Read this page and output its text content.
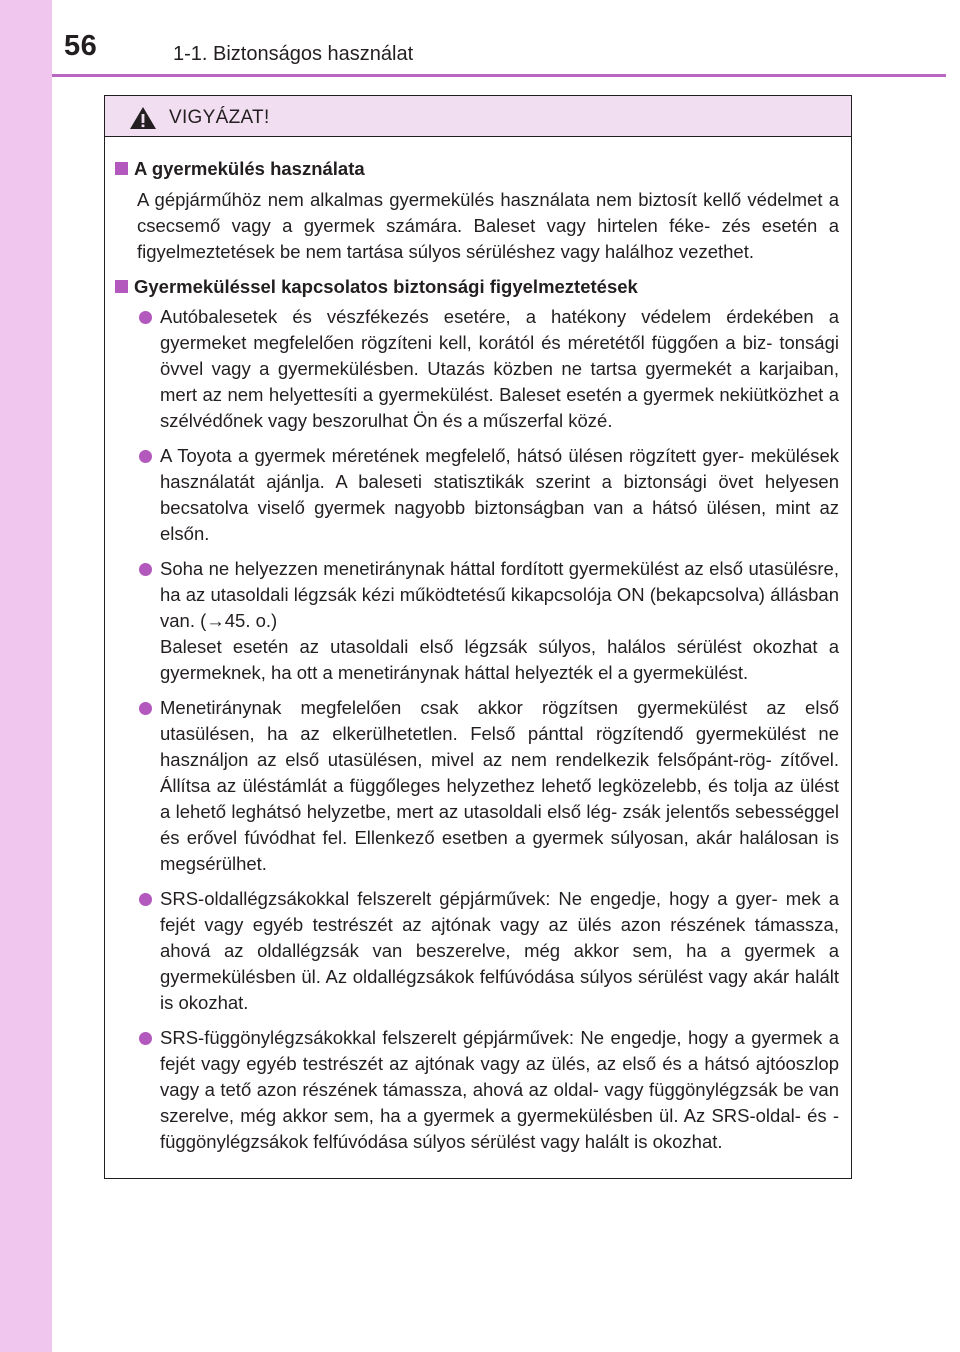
56	1-1. Biztonságos használat
VIGYÁZAT!
A gyermekülés használata
A gépjárműhöz nem alkalmas gyermekülés használata nem biztosít kellő védelmet a csecsemő vagy a gyermek számára. Baleset vagy hirtelen féke- zés esetén a figyelmeztetések be nem tartása súlyos sérüléshez vagy halálhoz vezethet.
Gyermeküléssel kapcsolatos biztonsági figyelmeztetések
Autóbalesetek és vészfékezés esetére, a hatékony védelem érdekében a gyermeket megfelelően rögzíteni kell, korától és méretétől függően a biz- tonsági övvel vagy a gyermekülésben. Utazás közben ne tartsa gyermekét a karjaiban, mert az nem helyettesíti a gyermekülést. Baleset esetén a gyermek nekiütközhet a szélvédőnek vagy beszorulhat Ön és a műszerfal közé.
A Toyota a gyermek méretének megfelelő, hátsó ülésen rögzített gyer- mekülések használatát ajánlja. A baleseti statisztikák szerint a biztonsági övet helyesen becsatolva viselő gyermek nagyobb biztonságban van a hátsó ülésen, mint az elsőn.
Soha ne helyezzen menetiránynak háttal fordított gyermekülést az első utasülésre, ha az utasoldali légzsák kézi működtetésű kikapcsolója ON (bekapcsolva) állásban van. (→45. o.)
Baleset esetén az utasoldali első légzsák súlyos, halálos sérülést okozhat a gyermeknek, ha ott a menetiránynak háttal helyezték el a gyermekülést.
Menetiránynak megfelelően csak akkor rögzítsen gyermekülést az első utasülésen, ha az elkerülhetetlen. Felső pánttal rögzítendő gyermekülést ne használjon az első utasülésen, mivel az nem rendelkezik felsőpánt-rög- zítővel. Állítsa az üléstámlát a függőleges helyzethez lehető legközelebb, és tolja az ülést a lehető leghátsó helyzetbe, mert az utasoldali első lég- zsák jelentős sebességgel és erővel fúvódhat fel. Ellenkező esetben a gyermek súlyosan, akár halálosan is megsérülhet.
SRS-oldallégzsákokkal felszerelt gépjárművek: Ne engedje, hogy a gyer- mek a fejét vagy egyéb testrészét az ajtónak vagy az ülés azon részének támassza, ahová az oldallégzsák van beszerelve, még akkor sem, ha a gyermek a gyermekülésben ül. Az oldallégzsákok felfúvódása súlyos sérülést vagy akár halált is okozhat.
SRS-függönylégzsákokkal felszerelt gépjárművek: Ne engedje, hogy a gyermek a fejét vagy egyéb testrészét az ajtónak vagy az ülés, az első és a hátsó ajtóoszlop vagy a tető azon részének támassza, ahová az oldal- vagy függönylégzsák be van szerelve, még akkor sem, ha a gyermek a gyermekülésben ül. Az SRS-oldal- és -függönylégzsákok felfúvódása súlyos sérülést vagy halált is okozhat.
